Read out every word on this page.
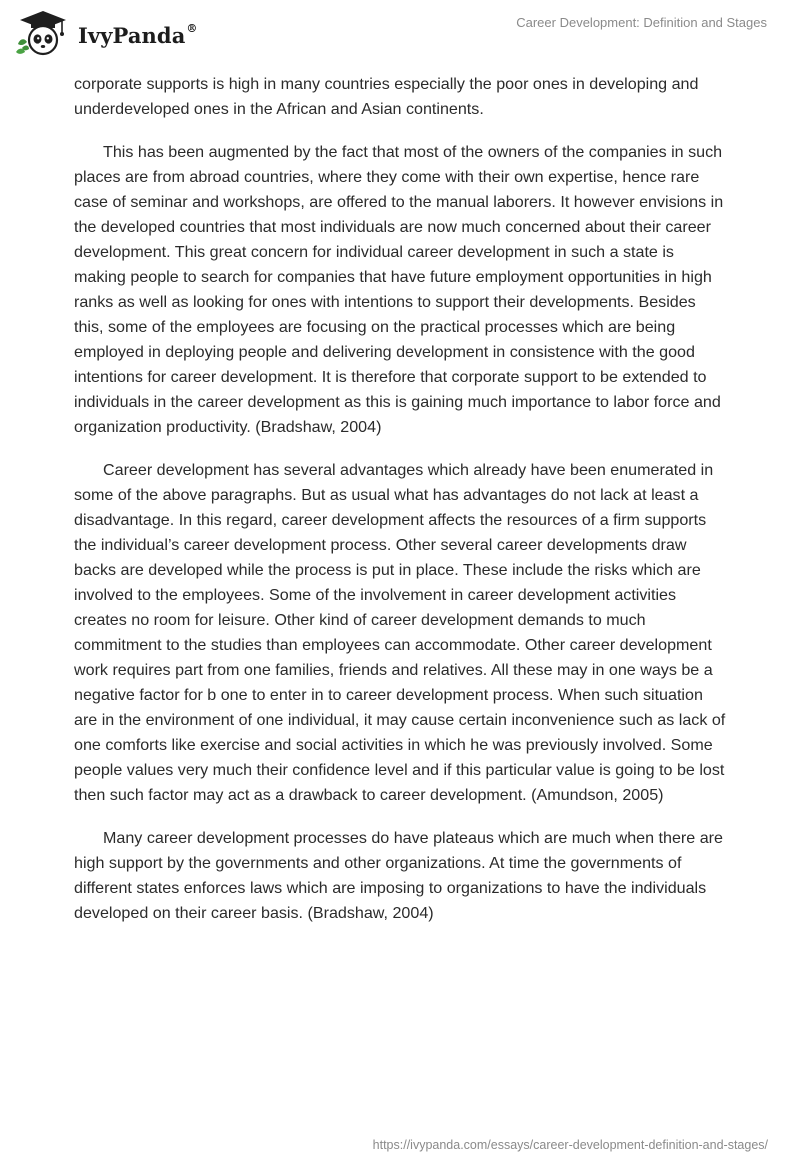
IvyPanda®	Career Development: Definition and Stages

corporate supports is high in many countries especially the poor ones in developing and underdeveloped ones in the African and Asian continents.

This has been augmented by the fact that most of the owners of the companies in such places are from abroad countries, where they come with their own expertise, hence rare case of seminar and workshops, are offered to the manual laborers. It however envisions in the developed countries that most individuals are now much concerned about their career development. This great concern for individual career development in such a state is making people to search for companies that have future employment opportunities in high ranks as well as looking for ones with intentions to support their developments. Besides this, some of the employees are focusing on the practical processes which are being employed in deploying people and delivering development in consistence with the good intentions for career development. It is therefore that corporate support to be extended to individuals in the career development as this is gaining much importance to labor force and organization productivity. (Bradshaw, 2004)

Career development has several advantages which already have been enumerated in some of the above paragraphs. But as usual what has advantages do not lack at least a disadvantage. In this regard, career development affects the resources of a firm supports the individual’s career development process. Other several career developments draw backs are developed while the process is put in place. These include the risks which are involved to the employees. Some of the involvement in career development activities creates no room for leisure. Other kind of career development demands to much commitment to the studies than employees can accommodate. Other career development work requires part from one families, friends and relatives. All these may in one ways be a negative factor for b one to enter in to career development process. When such situation are in the environment of one individual, it may cause certain inconvenience such as lack of one comforts like exercise and social activities in which he was previously involved. Some people values very much their confidence level and if this particular value is going to be lost then such factor may act as a drawback to career development. (Amundson, 2005)

Many career development processes do have plateaus which are much when there are high support by the governments and other organizations. At time the governments of different states enforces laws which are imposing to organizations to have the individuals developed on their career basis. (Bradshaw, 2004)

https://ivypanda.com/essays/career-development-definition-and-stages/
